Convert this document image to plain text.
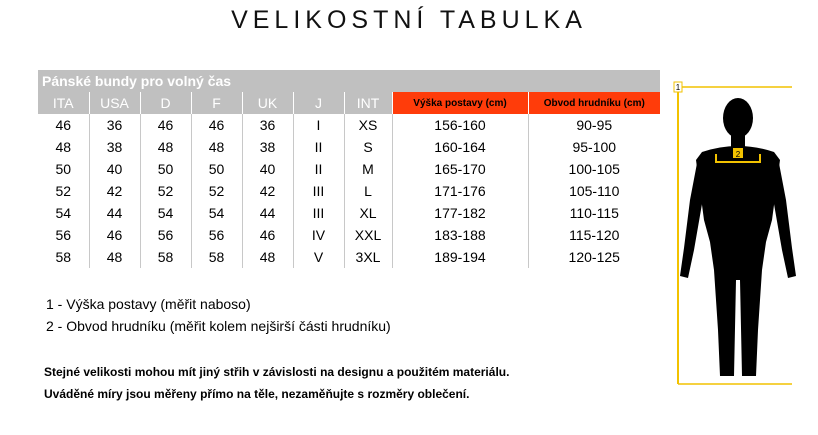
VELIKOSTNÍ TABULKA
Pánské bundy pro volný čas								
ITA	USA	D	F	UK	J	INT	Výška postavy (cm)	Obvod hrudníku (cm)
46	36	46	46	36	I	XS	156-160	90-95
48	38	48	48	38	II	S	160-164	95-100
50	40	50	50	40	II	M	165-170	100-105
52	42	52	52	42	III	L	171-176	105-110
54	44	54	54	44	III	XL	177-182	110-115
56	46	56	56	46	IV	XXL	183-188	115-120
58	48	58	58	48	V	3XL	189-194	120-125
1 - Výška postavy (měřit naboso)
2 - Obvod hrudníku (měřit kolem nejširší části hrudníku)
Stejné velikosti mohou mít jiný střih v závislosti na designu a použitém materiálu.
Uváděné míry jsou měřeny přímo na těle, nezaměňujte s rozměry oblečení.
1
2
